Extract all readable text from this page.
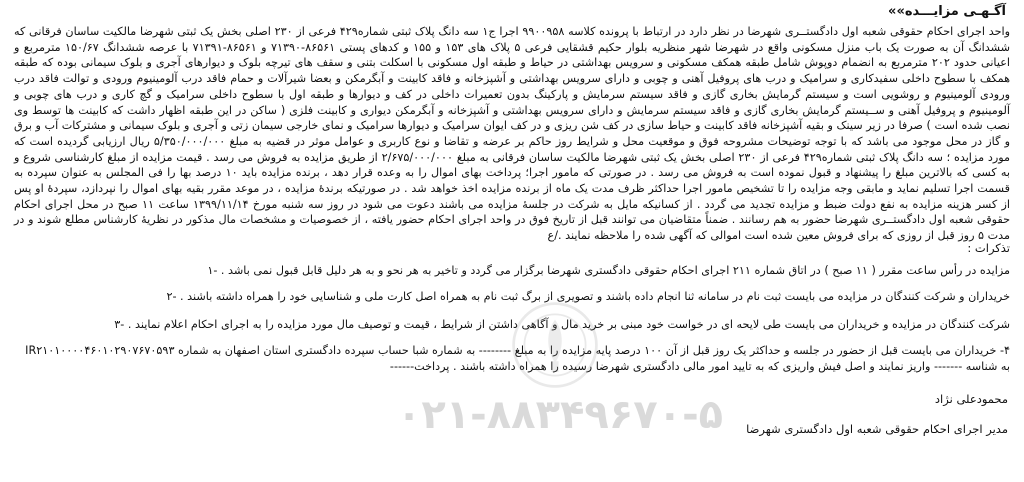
آگـهـی مزایـــده»»

واحد اجرای احکام حقوقی شعبه اول دادگستــری شهرضا در نظر دارد در ارتباط با پرونده کلاسه ۹۹۰۰۹۵۸ اجرا ج۱ سه دانگ پلاک ثبتی شماره۴۲۹ فرعی از ۲۳۰ اصلی بخش یک ثبتی شهرضا مالکیت ساسان فرقانی که ششدانگ آن به صورت یک باب منزل مسکونی واقع در شهرضا شهر منظریه بلوار حکیم قشقایی فرعی ۵ پلاک های ۱۵۳ و ۱۵۵ و کدهای پستی ۸۶۵۶۱-۷۱۳۹۰ و ۸۶۵۶۱-۷۱۳۹۱ با عرصه ششدانگ ۱۵۰/۶۷ مترمربع و اعیانی حدود ۲۰۲ مترمربع به انضمام دوپوش شامل طبقه همکف مسکونی و سرویس بهداشتی در حیاط و طبقه اول مسکونی با اسکلت بتنی و سقف های تیرچه بلوک و دیوارهای آجری و بلوک سیمانی بوده که طبقه همکف با سطوح داخلی سفیدکاری و سرامیک و درب های پروفیل آهنی و چوبی و دارای سرویس بهداشتی و آشپزخانه و فاقد کابینت و آبگرمکن و بعضا شیرآلات و حمام فاقد درب آلومینیوم ورودی و توالت فاقد درب ورودی آلومینیوم و روشویی است و سیستم گرمایش بخاری گازی و فاقد سیستم سرمایش و پارکینگ بدون تعمیرات داخلی در کف و دیوارها و طبقه اول با سطوح داخلی سرامیک و گچ کاری و درب های چوبی و آلومینیوم و پروفیل آهنی و ســیستم گرمایش بخاری گازی و فاقد سیستم سرمایش و دارای سرویس بهداشتی و آشپزخانه و آبگرمکن دیواری و کابینت فلزی ( ساکن در این طبقه اظهار داشت که کابینت ها توسط وی نصب شده است ) صرفا در زیر سینک و بقیه آشپزخانه فاقد کابینت و حیاط سازی در کف شن ریزی و در کف ایوان سرامیک و دیوارها سرامیک و نمای خارجی سیمان زتی و آجری و بلوک سیمانی و مشترکات آب و برق و گاز در محل موجود می باشد که با توجه توضیحات مشروحه فوق و موقعیت محل و شرایط روز حاکم بر عرضه و تقاضا و نوع کاربری و عوامل موثر در قضیه به مبلغ ۵/۳۵۰/۰۰۰/۰۰۰ ریال ارزیابی گردیده است که مورد مزایده ؛ سه دانگ پلاک ثبتی شماره۴۲۹ فرعی از ۲۳۰ اصلی بخش یک ثبتی شهرضا مالکیت ساسان فرقانی به مبلغ ۲/۶۷۵/۰۰۰/۰۰۰ از طریق مزایده به فروش می رسد . قیمت مزایده از مبلغ کارشناسی شروع و به کسی که بالاترین مبلغ را پیشنهاد و قبول نموده است به فروش می رسد . در صورتی که مامور اجرا؛ پرداخت بهای اموال را به وعده قرار دهد ، برنده مزایده باید ۱۰ درصد بها را فی المجلس به عنوان سپرده به قسمت اجرا تسلیم نماید و مابقی وجه مزایده را تا تشخیص مامور اجرا حداکثر ظرف مدت یک ماه از برنده مزایده اخذ خواهد شد . در صورتیکه برندهٔ مزایده ، در موعد مقرر بقیه بهای اموال را نپردازد، سپردهٔ او پس از کسر هزینه مزایده به نفع دولت ضبط و مزایده تجدید می گردد . از کسانیکه مایل به شرکت در جلسهٔ مزایده می باشند دعوت می شود در روز سه شنبه مورخ ۱۳۹۹/۱۱/۱۴ ساعت ۱۱ صبح در محل اجرای احکام حقوقی شعبه اول دادگستــری شهرضا حضور به هم رسانند . ضمناً متقاضیان می توانند قبل از تاریخ فوق در واحد اجرای احکام حضور یافته ، از خصوصیات و مشخصات مال مذکور در نظریهٔ کارشناس مطلع شوند و در مدت ۵ روز قبل از روزی که برای فروش معین شده است اموالی که آگهی شده را ملاحظه نمایند ./ع

تذکرات :

مزایده در رأس ساعت مقرر ( ۱۱ صبح ) در اتاق شماره ۲۱۱ اجرای احکام حقوقی دادگستری شهرضا برگزار می گردد و تاخیر به هر نحو و به هر دلیل قابل قبول نمی باشد . -۱

خریداران و شرکت کنندگان در مزایده می بایست ثبت نام در سامانه ثنا انجام داده باشند و تصویری از برگ ثبت نام به همراه اصل کارت ملی و شناسایی خود را همراه داشته باشند . -۲

شرکت کنندگان در مزایده و خریداران می بایست طی لایحه ای در خواست خود مبنی بر خرید مال و آگاهی داشتن از شرایط ، قیمت و توصیف مال مورد مزایده را به اجرای احکام اعلام نمایند . -۳

۴- خریداران می بایست قبل از حضور در جلسه و حداکثر یک روز قبل از آن ۱۰۰ درصد پایه مزایده را به مبلغ -------- به شماره شبا حساب سپرده دادگستری استان اصفهان به شماره IR۲۱۰۱۰۰۰۰۴۶۰۱۰۲۹۰۷۶۷۰۵۹۳ به شناسه ------- واریز نمایند و اصل فیش واریزی که به تایید امور مالی دادگستری شهرضا رسیده را همراه داشته باشند . پرداخت------

محمودعلی نژاد
مدیر اجرای احکام حقوقی شعبه اول دادگستری شهرضا
۰۲۱-۸۸۳۴۹۶۷۰-۵
